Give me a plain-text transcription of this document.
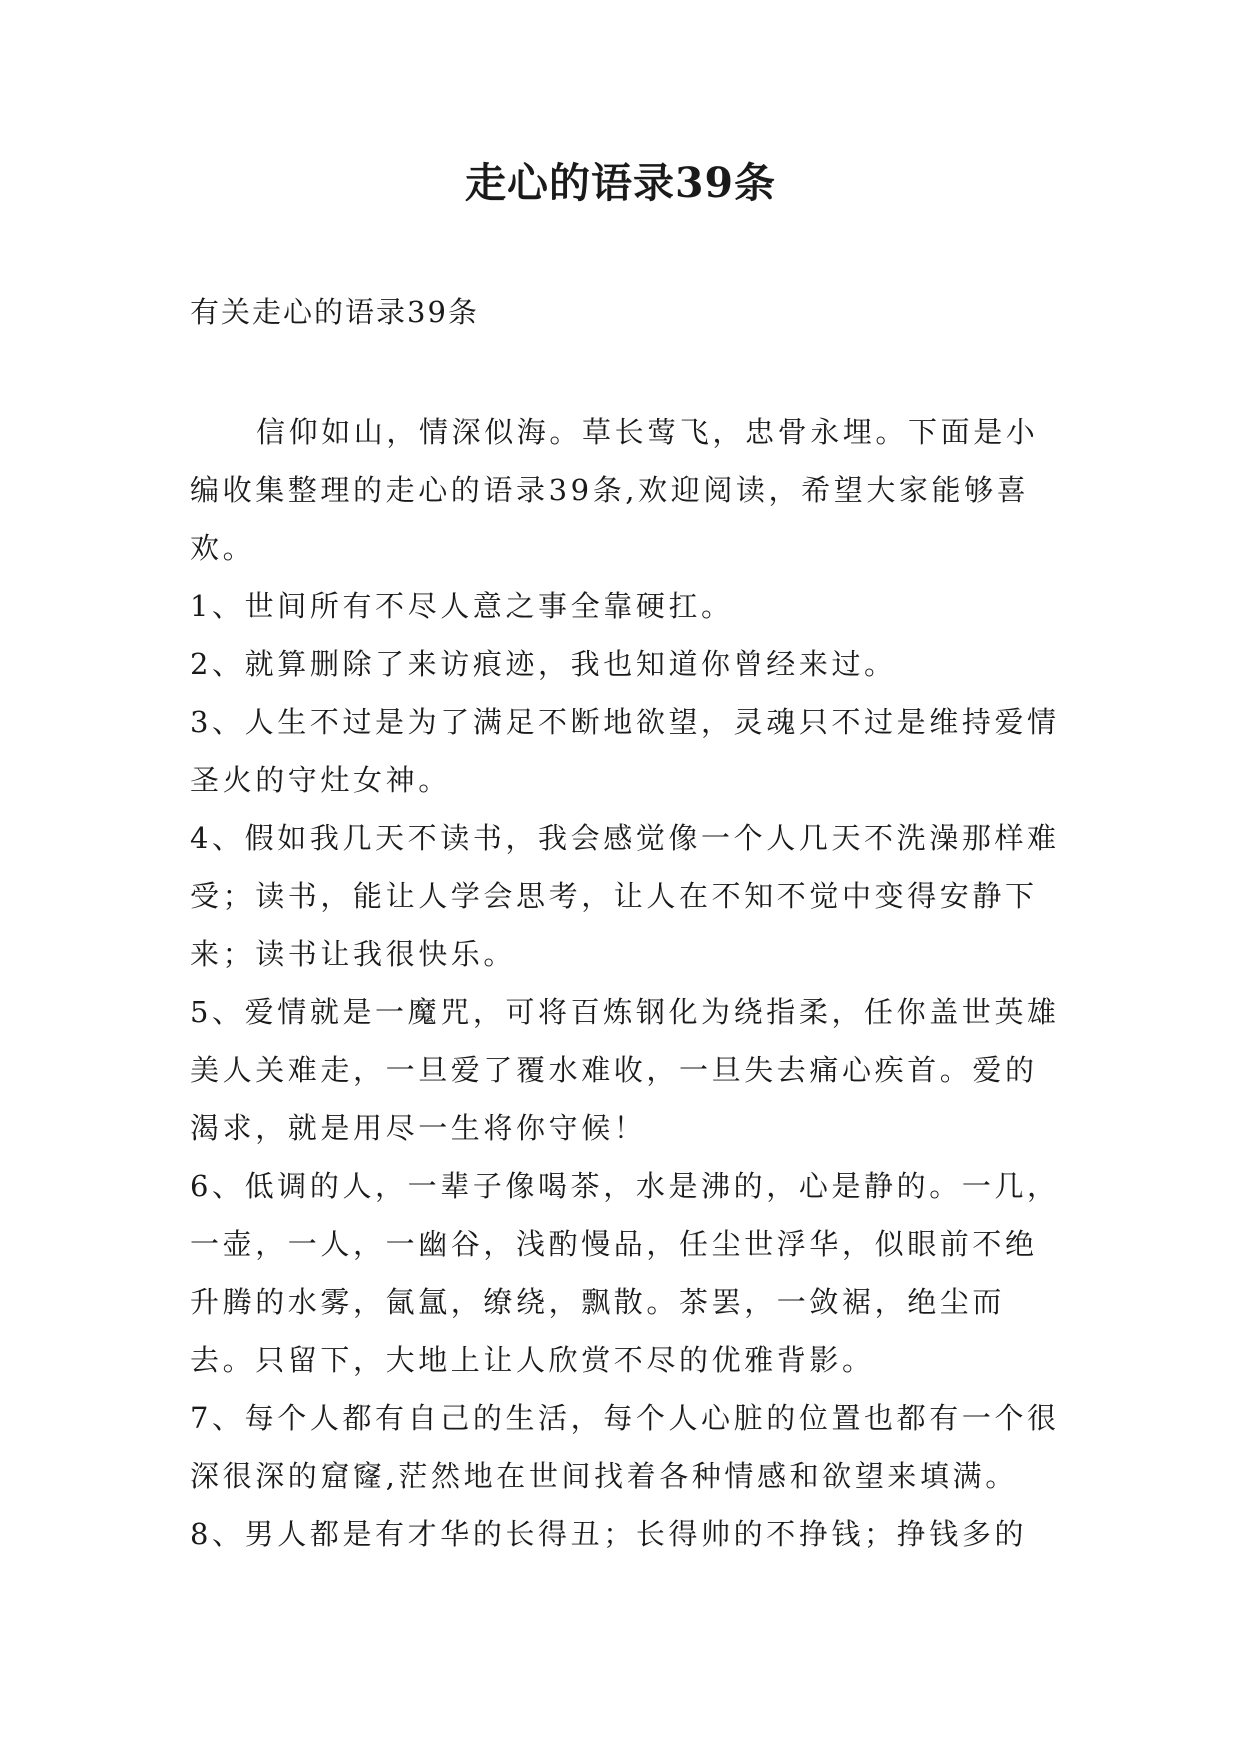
走心的语录39条

有关走心的语录39条

信仰如山，情深似海。草长莺飞，忠骨永埋。下面是小编收集整理的走心的语录39条,欢迎阅读，希望大家能够喜欢。

1、世间所有不尽人意之事全靠硬扛。

2、就算删除了来访痕迹，我也知道你曾经来过。

3、人生不过是为了满足不断地欲望，灵魂只不过是维持爱情圣火的守灶女神。

4、假如我几天不读书，我会感觉像一个人几天不洗澡那样难受；读书，能让人学会思考，让人在不知不觉中变得安静下来；读书让我很快乐。

5、爱情就是一魔咒，可将百炼钢化为绕指柔，任你盖世英雄美人关难走，一旦爱了覆水难收，一旦失去痛心疾首。爱的渴求，就是用尽一生将你守候！

6、低调的人，一辈子像喝茶，水是沸的，心是静的。一几，一壶，一人，一幽谷，浅酌慢品，任尘世浮华，似眼前不绝升腾的水雾，氤氲，缭绕，飘散。茶罢，一敛裾，绝尘而去。只留下，大地上让人欣赏不尽的优雅背影。

7、每个人都有自己的生活，每个人心脏的位置也都有一个很深很深的窟窿,茫然地在世间找着各种情感和欲望来填满。

8、男人都是有才华的长得丑；长得帅的不挣钱；挣钱多的
